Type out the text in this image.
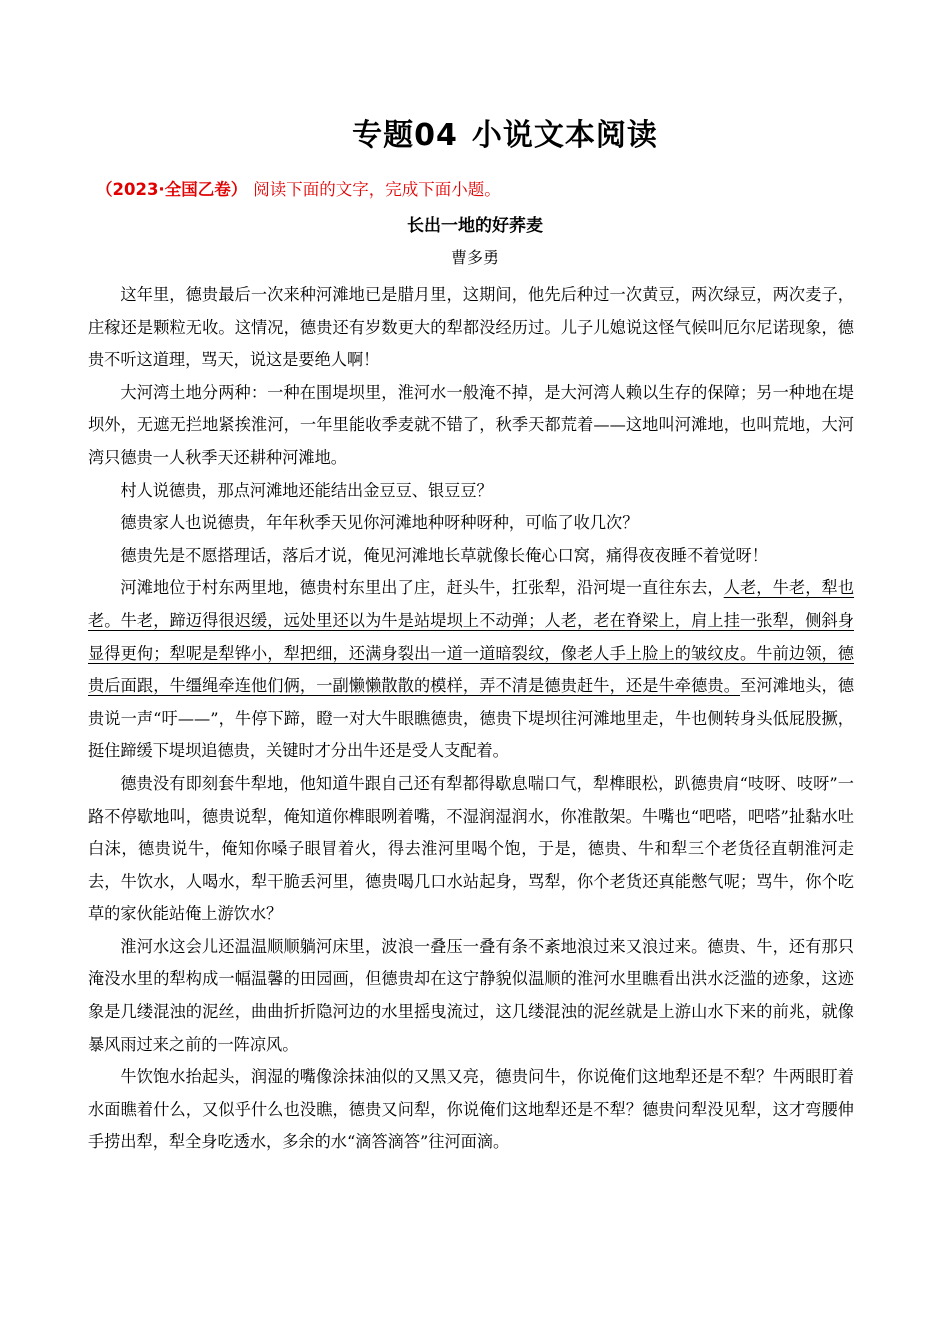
专题04 小说文本阅读

（2023·全国乙卷） 阅读下面的文字，完成下面小题。

长出一地的好荞麦

曹多勇

这年里，德贵最后一次来种河滩地已是腊月里，这期间，他先后种过一次黄豆，两次绿豆，两次麦子，庄稼还是颗粒无收。这情况，德贵还有岁数更大的犁都没经历过。儿子儿媳说这怪气候叫厄尔尼诺现象，德贵不听这道理，骂天，说这是要绝人啊！

大河湾土地分两种：一种在围堤坝里，淮河水一般淹不掉，是大河湾人赖以生存的保障；另一种地在堤坝外，无遮无拦地紧挨淮河，一年里能收季麦就不错了，秋季天都荒着——这地叫河滩地，也叫荒地，大河湾只德贵一人秋季天还耕种河滩地。

村人说德贵，那点河滩地还能结出金豆豆、银豆豆？

德贵家人也说德贵，年年秋季天见你河滩地种呀种呀种，可临了收几次？

德贵先是不愿搭理话，落后才说，俺见河滩地长草就像长俺心口窝，痛得夜夜睡不着觉呀！

河滩地位于村东两里地，德贵村东里出了庄，赶头牛，扛张犁，沿河堤一直往东去，人老，牛老，犁也老。牛老，蹄迈得很迟缓，远处里还以为牛是站堤坝上不动弹；人老，老在脊梁上，肩上挂一张犁，侧斜身显得更佝；犁呢是犁铧小，犁把细，还满身裂出一道一道暗裂纹，像老人手上脸上的皱纹皮。牛前边领，德贵后面跟，牛缰绳牵连他们俩，一副懒懒散散的模样，弄不清是德贵赶牛，还是牛牵德贵。至河滩地头，德贵说一声“吁——”，牛停下蹄，瞪一对大牛眼瞧德贵，德贵下堤坝往河滩地里走，牛也侧转身头低屁股撅，挺住蹄缓下堤坝追德贵，关键时才分出牛还是受人支配着。

德贵没有即刻套牛犁地，他知道牛跟自己还有犁都得歇息喘口气，犁榫眼松，趴德贵肩“吱呀、吱呀”一路不停歇地叫，德贵说犁，俺知道你榫眼咧着嘴，不湿润湿润水，你准散架。牛嘴也“吧嗒，吧嗒”扯黏水吐白沫，德贵说牛，俺知你嗓子眼冒着火，得去淮河里喝个饱，于是，德贵、牛和犁三个老货径直朝淮河走去，牛饮水，人喝水，犁干脆丢河里，德贵喝几口水站起身，骂犁，你个老货还真能憋气呢；骂牛，你个吃草的家伙能站俺上游饮水？

淮河水这会儿还温温顺顺躺河床里，波浪一叠压一叠有条不紊地浪过来又浪过来。德贵、牛，还有那只淹没水里的犁构成一幅温馨的田园画，但德贵却在这宁静貌似温顺的淮河水里瞧看出洪水泛滥的迹象，这迹象是几缕混浊的泥丝，曲曲折折隐河边的水里摇曳流过，这几缕混浊的泥丝就是上游山水下来的前兆，就像暴风雨过来之前的一阵凉风。

牛饮饱水抬起头，润湿的嘴像涂抹油似的又黑又亮，德贵问牛，你说俺们这地犁还是不犁？牛两眼盯着水面瞧着什么，又似乎什么也没瞧，德贵又问犁，你说俺们这地犁还是不犁？德贵问犁没见犁，这才弯腰伸手捞出犁，犁全身吃透水，多余的水“滴答滴答”往河面滴。
